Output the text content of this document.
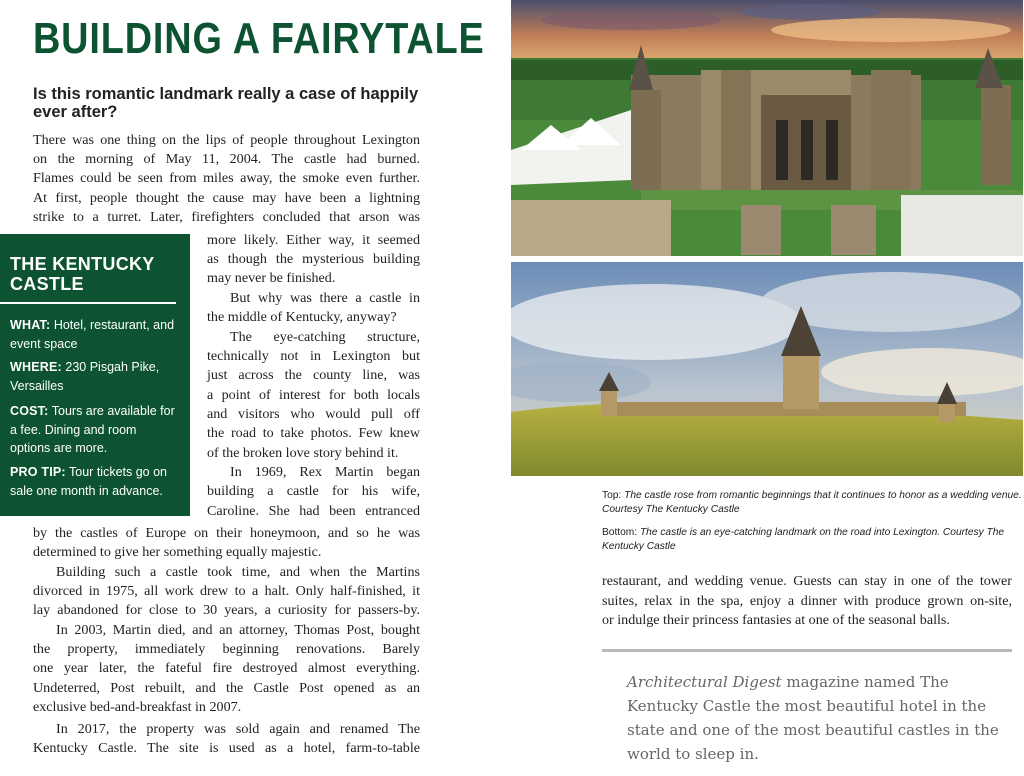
BUILDING A FAIRYTALE
Is this romantic landmark really a case of happily ever after?
There was one thing on the lips of people throughout Lexington
on the morning of May 11, 2004. The castle had burned.
Flames could be seen from miles away, the smoke even further.
At first, people thought the cause may have been a lightning
strike to a turret. Later, firefighters concluded that arson was
more likely. Either way, it seemed
as though the mysterious building
may never be finished.
But why was there a castle in
the middle of Kentucky, anyway?
The eye-catching structure,
technically not in Lexington but
just across the county line, was
a point of interest for both locals
and visitors who would pull off
the road to take photos. Few knew
of the broken love story behind it.
In 1969, Rex Martin began
building a castle for his wife,
Caroline. She had been entranced
by the castles of Europe on their honeymoon, and so he was
determined to give her something equally majestic.
Building such a castle took time, and when the Martins
divorced in 1975, all work drew to a halt. Only half-finished, it
lay abandoned for close to 30 years, a curiosity for passers-by.
In 2003, Martin died, and an attorney, Thomas Post, bought
the property, immediately beginning renovations. Barely
one year later, the fateful fire destroyed almost everything.
Undeterred, Post rebuilt, and the Castle Post opened as an
exclusive bed-and-breakfast in 2007.
In 2017, the property was sold again and renamed The
Kentucky Castle. The site is used as a hotel, farm-to-table
THE KENTUCKY
CASTLE
WHAT: Hotel, restaurant, and event space
WHERE: 230 Pisgah Pike, Versailles
COST: Tours are available for a fee. Dining and room options are more.
PRO TIP: Tour tickets go on sale one month in advance.	Top: The castle rose from romantic beginnings that it continues to honor as a wedding venue. Courtesy The Kentucky Castle
Bottom: The castle is an eye-catching landmark on the road into Lexington. Courtesy The Kentucky Castle
restaurant, and wedding venue. Guests can stay in one of the tower
suites, relax in the spa, enjoy a dinner with produce grown on-site,
or indulge their princess fantasies at one of the seasonal balls.
Architectural Digest magazine named The Kentucky Castle the most beautiful hotel in the state and one of the most beautiful castles in the world to sleep in.
